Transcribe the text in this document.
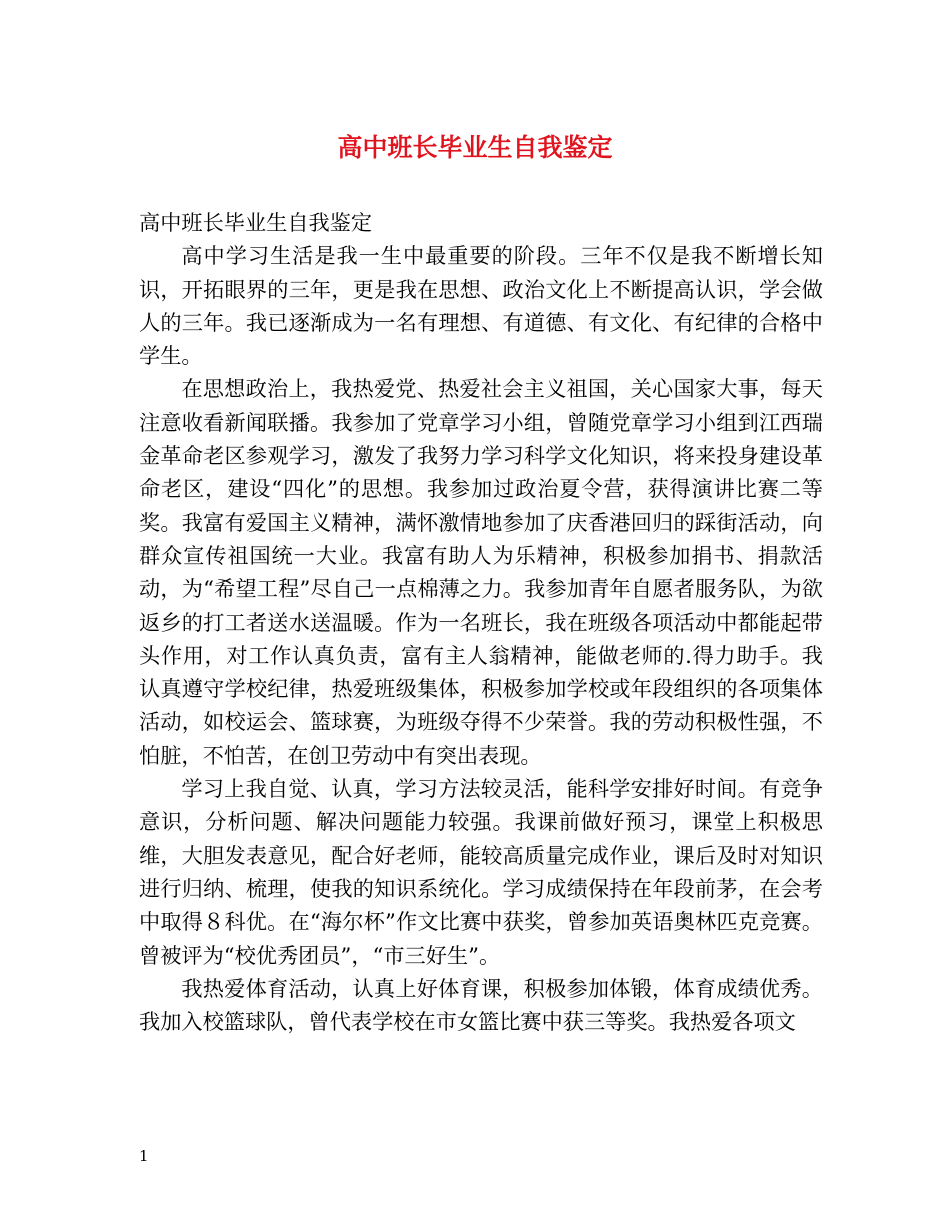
高中班长毕业生自我鉴定

高中班长毕业生自我鉴定

高中学习生活是我一生中最重要的阶段。三年不仅是我不断增长知识，开拓眼界的三年，更是我在思想、政治文化上不断提高认识，学会做人的三年。我已逐渐成为一名有理想、有道德、有文化、有纪律的合格中学生。

在思想政治上，我热爱党、热爱社会主义祖国，关心国家大事，每天注意收看新闻联播。我参加了党章学习小组，曾随党章学习小组到江西瑞金革命老区参观学习，激发了我努力学习科学文化知识，将来投身建设革命老区，建设“四化”的思想。我参加过政治夏令营，获得演讲比赛二等奖。我富有爱国主义精神，满怀激情地参加了庆香港回归的踩街活动，向群众宣传祖国统一大业。我富有助人为乐精神，积极参加捐书、捐款活动，为“希望工程”尽自己一点棉薄之力。我参加青年自愿者服务队，为欲返乡的打工者送水送温暖。作为一名班长，我在班级各项活动中都能起带头作用，对工作认真负责，富有主人翁精神，能做老师的.得力助手。我认真遵守学校纪律，热爱班级集体，积极参加学校或年段组织的各项集体活动，如校运会、篮球赛，为班级夺得不少荣誉。我的劳动积极性强，不怕脏，不怕苦，在创卫劳动中有突出表现。

学习上我自觉、认真，学习方法较灵活，能科学安排好时间。有竞争意识，分析问题、解决问题能力较强。我课前做好预习，课堂上积极思维，大胆发表意见，配合好老师，能较高质量完成作业，课后及时对知识进行归纳、梳理，使我的知识系统化。学习成绩保持在年段前茅，在会考中取得８科优。在“海尔杯”作文比赛中获奖，曾参加英语奥林匹克竞赛。曾被评为“校优秀团员”，“市三好生”。

我热爱体育活动，认真上好体育课，积极参加体锻，体育成绩优秀。我加入校篮球队，曾代表学校在市女篮比赛中获三等奖。我热爱各项文

1
